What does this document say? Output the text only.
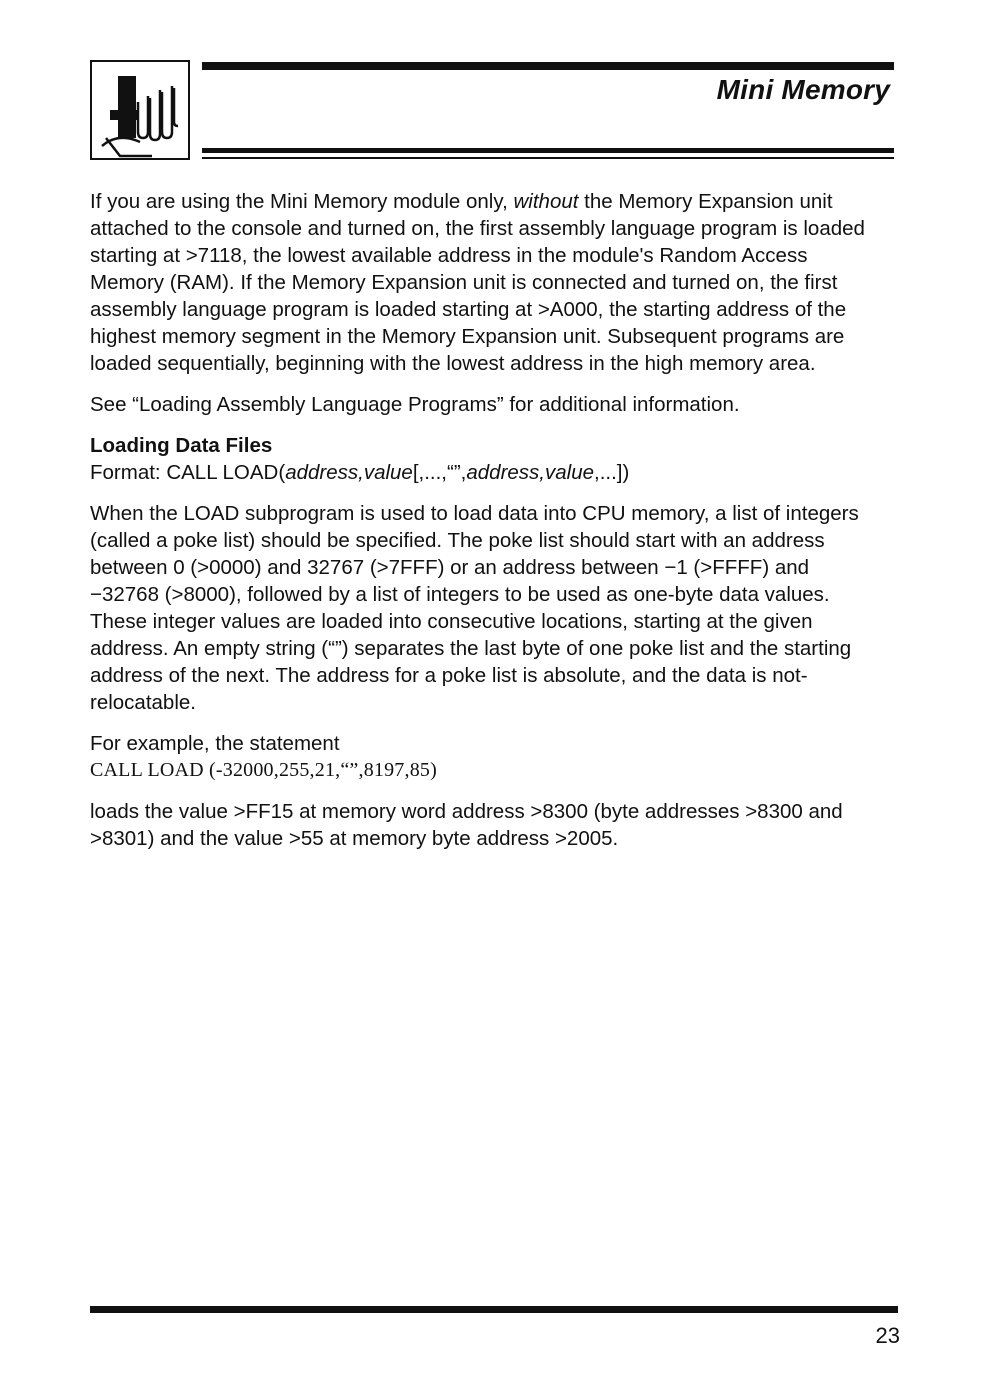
Mini Memory

If you are using the Mini Memory module only, without the Memory Expansion unit attached to the console and turned on, the first assembly language program is loaded starting at >7118, the lowest available address in the module's Random Access Memory (RAM). If the Memory Expansion unit is connected and turned on, the first assembly language program is loaded starting at >A000, the starting address of the highest memory segment in the Memory Expansion unit. Subsequent programs are loaded sequentially, beginning with the lowest address in the high memory area.

See “Loading Assembly Language Programs” for additional information.

Loading Data Files

Format: CALL LOAD(address,value[,...,“”,address,value,...])

When the LOAD subprogram is used to load data into CPU memory, a list of integers (called a poke list) should be specified. The poke list should start with an address between 0 (>0000) and 32767 (>7FFF) or an address between −1 (>FFFF) and −32768 (>8000), followed by a list of integers to be used as one-byte data values. These integer values are loaded into consecutive locations, starting at the given address. An empty string (“”) separates the last byte of one poke list and the starting address of the next. The address for a poke list is absolute, and the data is not-relocatable.

For example, the statement

CALL LOAD (-32000,255,21,“”,8197,85)

loads the value >FF15 at memory word address >8300 (byte addresses >8300 and >8301) and the value >55 at memory byte address >2005.

23
